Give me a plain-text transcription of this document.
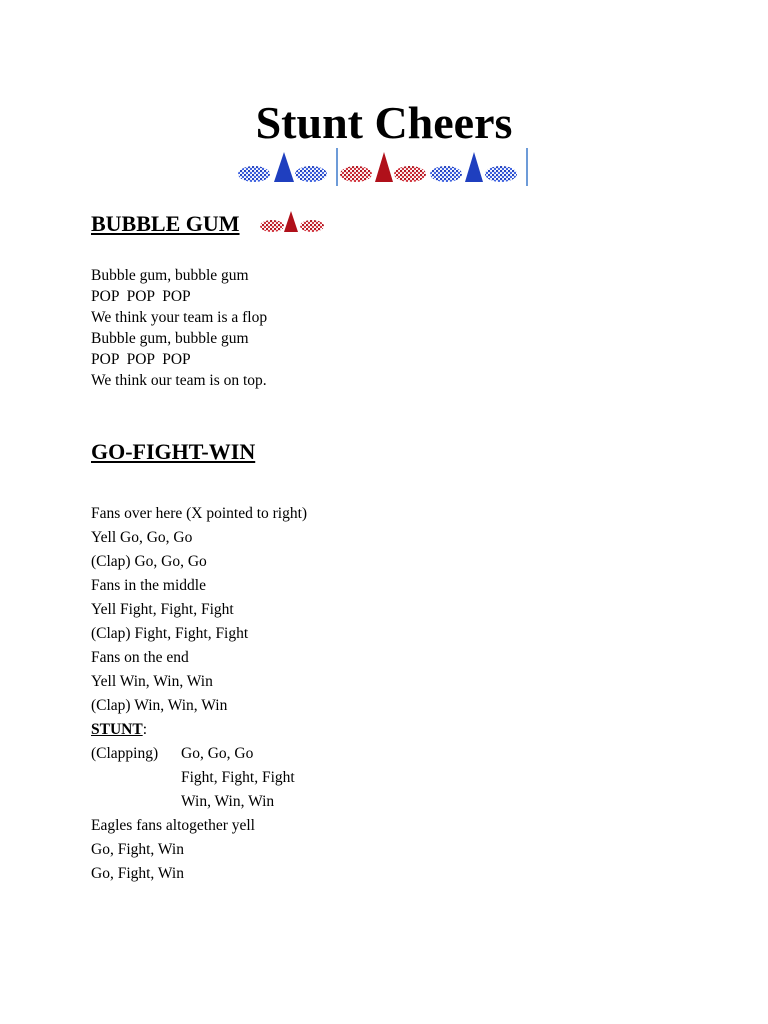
Stunt Cheers
BUBBLE GUM
Bubble gum, bubble gum
POP  POP  POP
We think your team is a flop
Bubble gum, bubble gum
POP  POP  POP
We think our team is on top.
GO-FIGHT-WIN
Fans over here (X pointed to right)
Yell Go, Go, Go
(Clap) Go, Go, Go
Fans in the middle
Yell Fight, Fight, Fight
(Clap) Fight, Fight, Fight
Fans on the end
Yell Win, Win, Win
(Clap) Win, Win, Win
STUNT:
(Clapping) Go, Go, Go
Fight, Fight, Fight
Win, Win, Win
Eagles fans altogether yell
Go, Fight, Win
Go, Fight, Win
